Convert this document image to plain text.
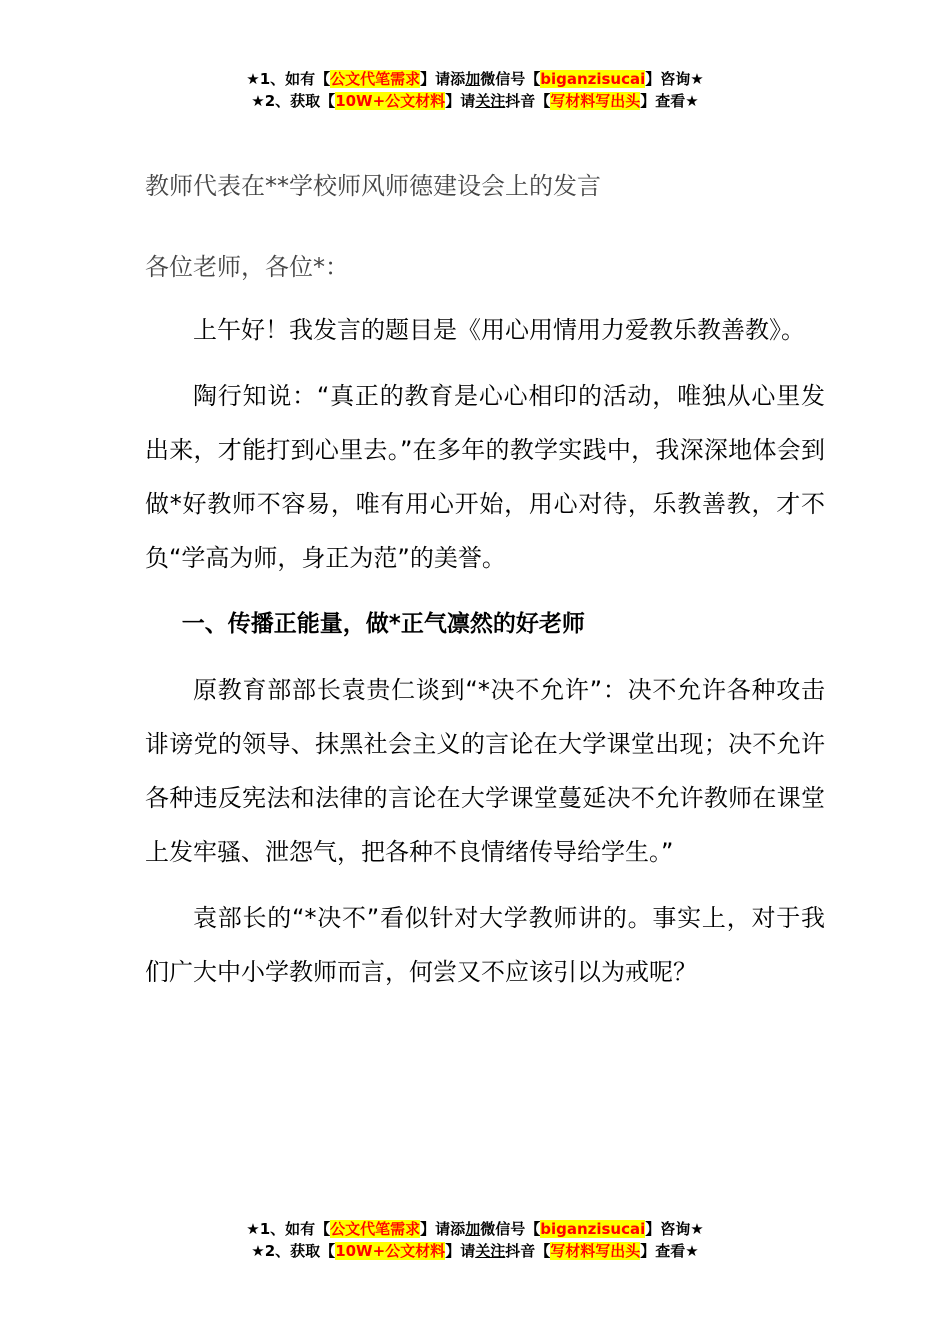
★1、如有【公文代笔需求】请添加微信号【biganzisucai】咨询★
★2、获取【10W+公文材料】请关注抖音【写材料写出头】查看★
教师代表在**学校师风师德建设会上的发言
各位老师，各位*：

上午好！我发言的题目是《用心用情用力爱教乐教善教》。

陶行知说：“真正的教育是心心相印的活动，唯独从心里发出来，才能打到心里去。”在多年的教学实践中，我深深地体会到做*好教师不容易，唯有用心开始，用心对待，乐教善教，才不负“学高为师，身正为范”的美誉。

一、传播正能量，做*正气凛然的好老师

原教育部部长袁贵仁谈到“*决不允许”：决不允许各种攻击诽谤党的领导、抹黑社会主义的言论在大学课堂出现；决不允许各种违反宪法和法律的言论在大学课堂蔓延决不允许教师在课堂上发牢骚、泄怨气，把各种不良情绪传导给学生。”

袁部长的“*决不”看似针对大学教师讲的。事实上，对于我们广大中小学教师而言，何尝又不应该引以为戒呢？

★1、如有【公文代笔需求】请添加微信号【biganzisucai】咨询★
★2、获取【10W+公文材料】请关注抖音【写材料写出头】查看★
